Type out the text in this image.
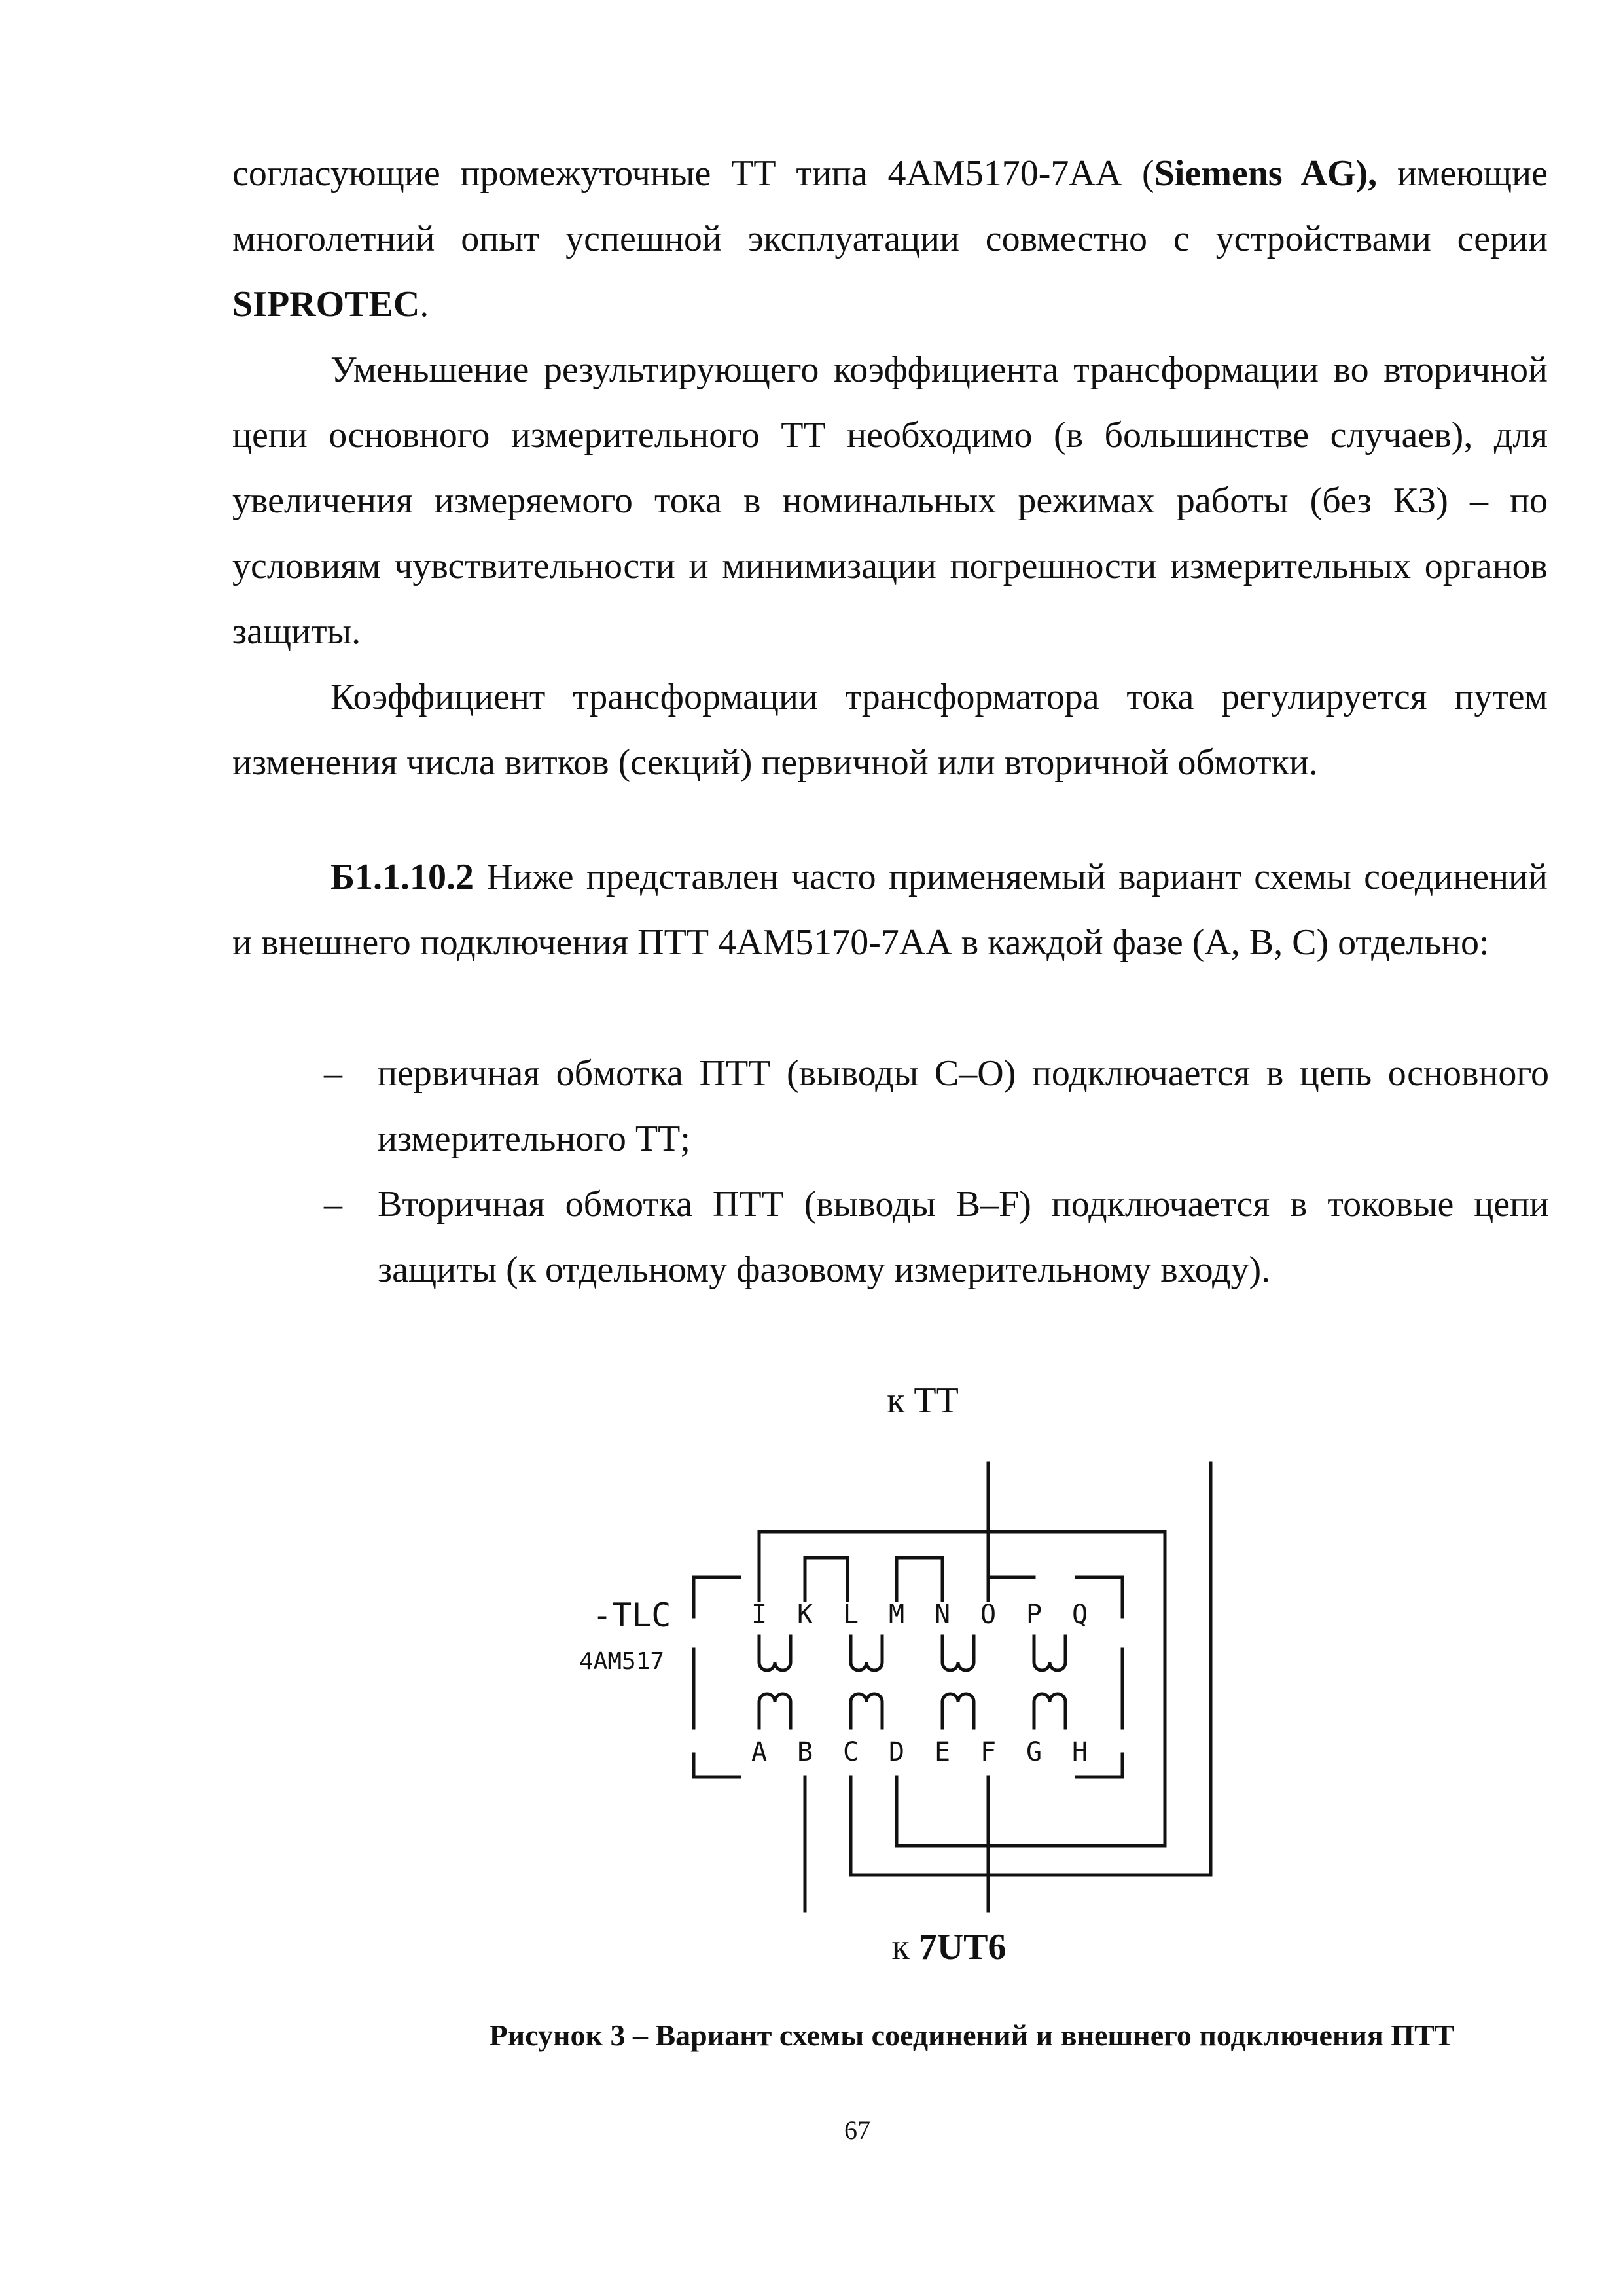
согласующие промежуточные ТТ типа 4АМ5170-7АА (Siemens AG), имеющие многолетний опыт успешной эксплуатации совместно с устройствами серии SIPROTEC.

Уменьшение результирующего коэффициента трансформации во вторичной цепи основного измерительного ТТ необходимо (в большинстве случаев), для увеличения измеряемого тока в номинальных режимах работы (без КЗ) – по условиям чувствительности и минимизации погрешности измерительных органов защиты.

Коэффициент трансформации трансформатора тока регулируется путем изменения числа витков (секций) первичной или вторичной обмотки.

Б1.1.10.2 Ниже представлен часто применяемый вариант схемы соединений и внешнего подключения ПТТ 4АМ5170-7АА в каждой фазе (А, В, С) отдельно:

– первичная обмотка ПТТ (выводы С–О) подключается в цепь основного измерительного ТТ;
– Вторичная обмотка ПТТ (выводы В–F) подключается в токовые цепи защиты (к отдельному фазовому измерительному входу).
к ТТ
-TLC
4AM517
I K L M N O P Q
A B C D E F G H
к 7UT6
Рисунок 3 – Вариант схемы соединений и внешнего подключения ПТТ
67
